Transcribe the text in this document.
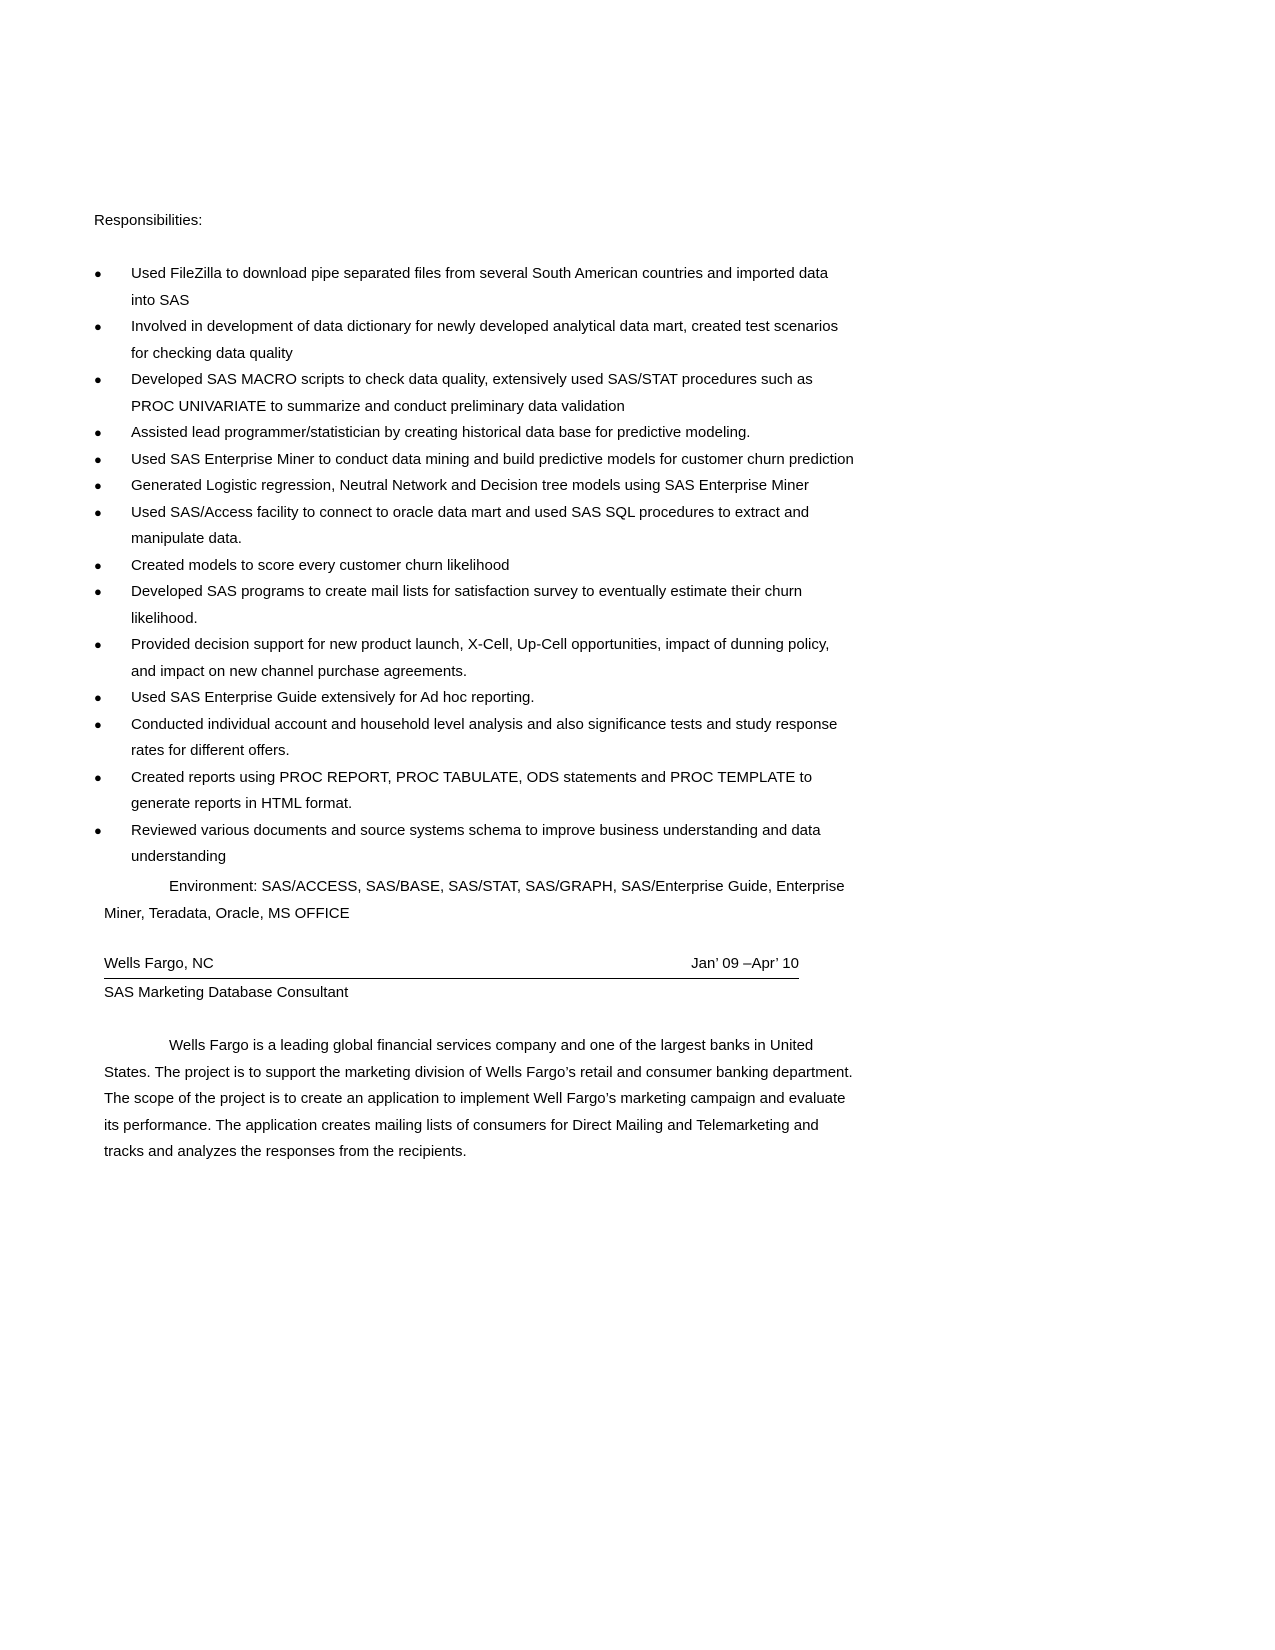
Responsibilities:
● Used FileZilla to download pipe separated files from several South American countries and imported data into SAS
● Involved in development of data dictionary for newly developed analytical data mart, created test scenarios for checking data quality
● Developed SAS MACRO scripts to check data quality, extensively used SAS/STAT procedures such as PROC UNIVARIATE to summarize and conduct preliminary data validation
● Assisted lead programmer/statistician by creating historical data base for predictive modeling.
● Used SAS Enterprise Miner to conduct data mining and build predictive models for customer churn prediction
● Generated Logistic regression, Neutral Network and Decision tree models using SAS Enterprise Miner
● Used SAS/Access facility to connect to oracle data mart and used SAS SQL procedures to extract and manipulate data.
● Created models to score every customer churn likelihood
● Developed SAS programs to create mail lists for satisfaction survey to eventually estimate their churn likelihood.
● Provided decision support for new product launch, X-Cell, Up-Cell opportunities, impact of dunning policy, and impact on new channel purchase agreements.
● Used SAS Enterprise Guide extensively for Ad hoc reporting.
● Conducted individual account and household level analysis and also significance tests and study response rates for different offers.
● Created reports using PROC REPORT, PROC TABULATE, ODS statements and PROC TEMPLATE to generate reports in HTML format.
● Reviewed various documents and source systems schema to improve business understanding and data understanding

Environment: SAS/ACCESS, SAS/BASE, SAS/STAT, SAS/GRAPH, SAS/Enterprise Guide, Enterprise Miner, Teradata, Oracle, MS OFFICE

Wells Fargo, NC	Jan’ 09 –Apr’ 10

SAS Marketing Database Consultant

Wells Fargo is a leading global financial services company and one of the largest banks in United States. The project is to support the marketing division of Wells Fargo’s retail and consumer banking department. The scope of the project is to create an application to implement Well Fargo’s marketing campaign and evaluate its performance. The application creates mailing lists of consumers for Direct Mailing and Telemarketing and tracks and analyzes the responses from the recipients.
